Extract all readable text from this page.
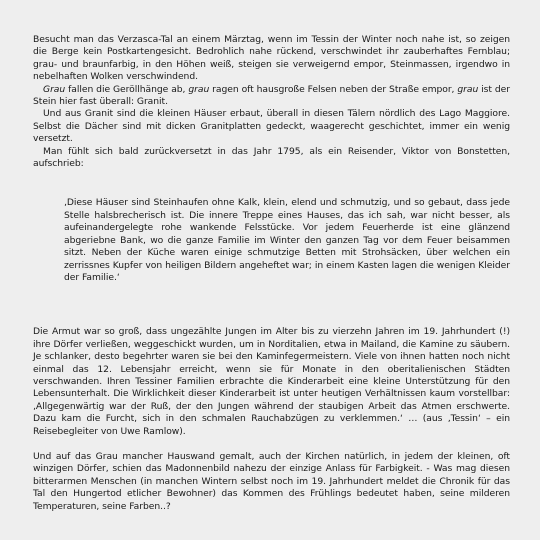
Besucht man das Verzasca-Tal an einem Märztag, wenn im Tessin der Winter noch nahe ist, so zeigen die Berge kein Postkartengesicht. Bedrohlich nahe rückend, verschwindet ihr zauberhaftes Fernblau; grau- und braunfarbig, in den Höhen weiß, steigen sie verweigernd empor, Steinmassen, irgendwo in nebelhaften Wolken verschwindend.

Grau fallen die Geröllhänge ab, grau ragen oft hausgroße Felsen neben der Straße empor, grau ist der Stein hier fast überall: Granit.

Und aus Granit sind die kleinen Häuser erbaut, überall in diesen Tälern nördlich des Lago Maggiore. Selbst die Dächer sind mit dicken Granitplatten gedeckt, waagerecht geschichtet, immer ein wenig versetzt.

Man fühlt sich bald zurückversetzt in das Jahr 1795, als ein Reisender, Viktor von Bonstetten, aufschrieb:

‚Diese Häuser sind Steinhaufen ohne Kalk, klein, elend und schmutzig, und so gebaut, dass jede Stelle halsbrecherisch ist. Die innere Treppe eines Hauses, das ich sah, war nicht besser, als aufeinandergelegte rohe wankende Felsstücke. Vor jedem Feuerherde ist eine glänzend abgeriebne Bank, wo die ganze Familie im Winter den ganzen Tag vor dem Feuer beisammen sitzt. Neben der Küche waren einige schmutzige Betten mit Strohsäcken, über welchen ein zerrissnes Kupfer von heiligen Bildern angeheftet war; in einem Kasten lagen die wenigen Kleider der Familie.‘

Die Armut war so groß, dass ungezählte Jungen im Alter bis zu vierzehn Jahren im 19. Jahrhundert (!) ihre Dörfer verließen, weggeschickt wurden, um in Norditalien, etwa in Mailand, die Kamine zu säubern. Je schlanker, desto begehrter waren sie bei den Kaminfegermeistern. Viele von ihnen hatten noch nicht einmal das 12. Lebensjahr erreicht, wenn sie für Monate in den oberitalienischen Städten verschwanden. Ihren Tessiner Familien erbrachte die Kinderarbeit eine kleine Unterstützung für den Lebensunterhalt. Die Wirklichkeit dieser Kinderarbeit ist unter heutigen Verhältnissen kaum vorstellbar: ‚Allgegenwärtig war der Ruß, der den Jungen während der staubigen Arbeit das Atmen erschwerte. Dazu kam die Furcht, sich in den schmalen Rauchabzügen zu verklemmen.‘ … (aus ‚Tessin‘ – ein Reisebegleiter von Uwe Ramlow).

Und auf das Grau mancher Hauswand gemalt, auch der Kirchen natürlich, in jedem der kleinen, oft winzigen Dörfer, schien das Madonnenbild nahezu der einzige Anlass für Farbigkeit. - Was mag diesen bitterarmen Menschen (in manchen Wintern selbst noch im 19. Jahrhundert meldet die Chronik für das Tal den Hungertod etlicher Bewohner) das Kommen des Frühlings bedeutet haben, seine milderen Temperaturen, seine Farben..?
